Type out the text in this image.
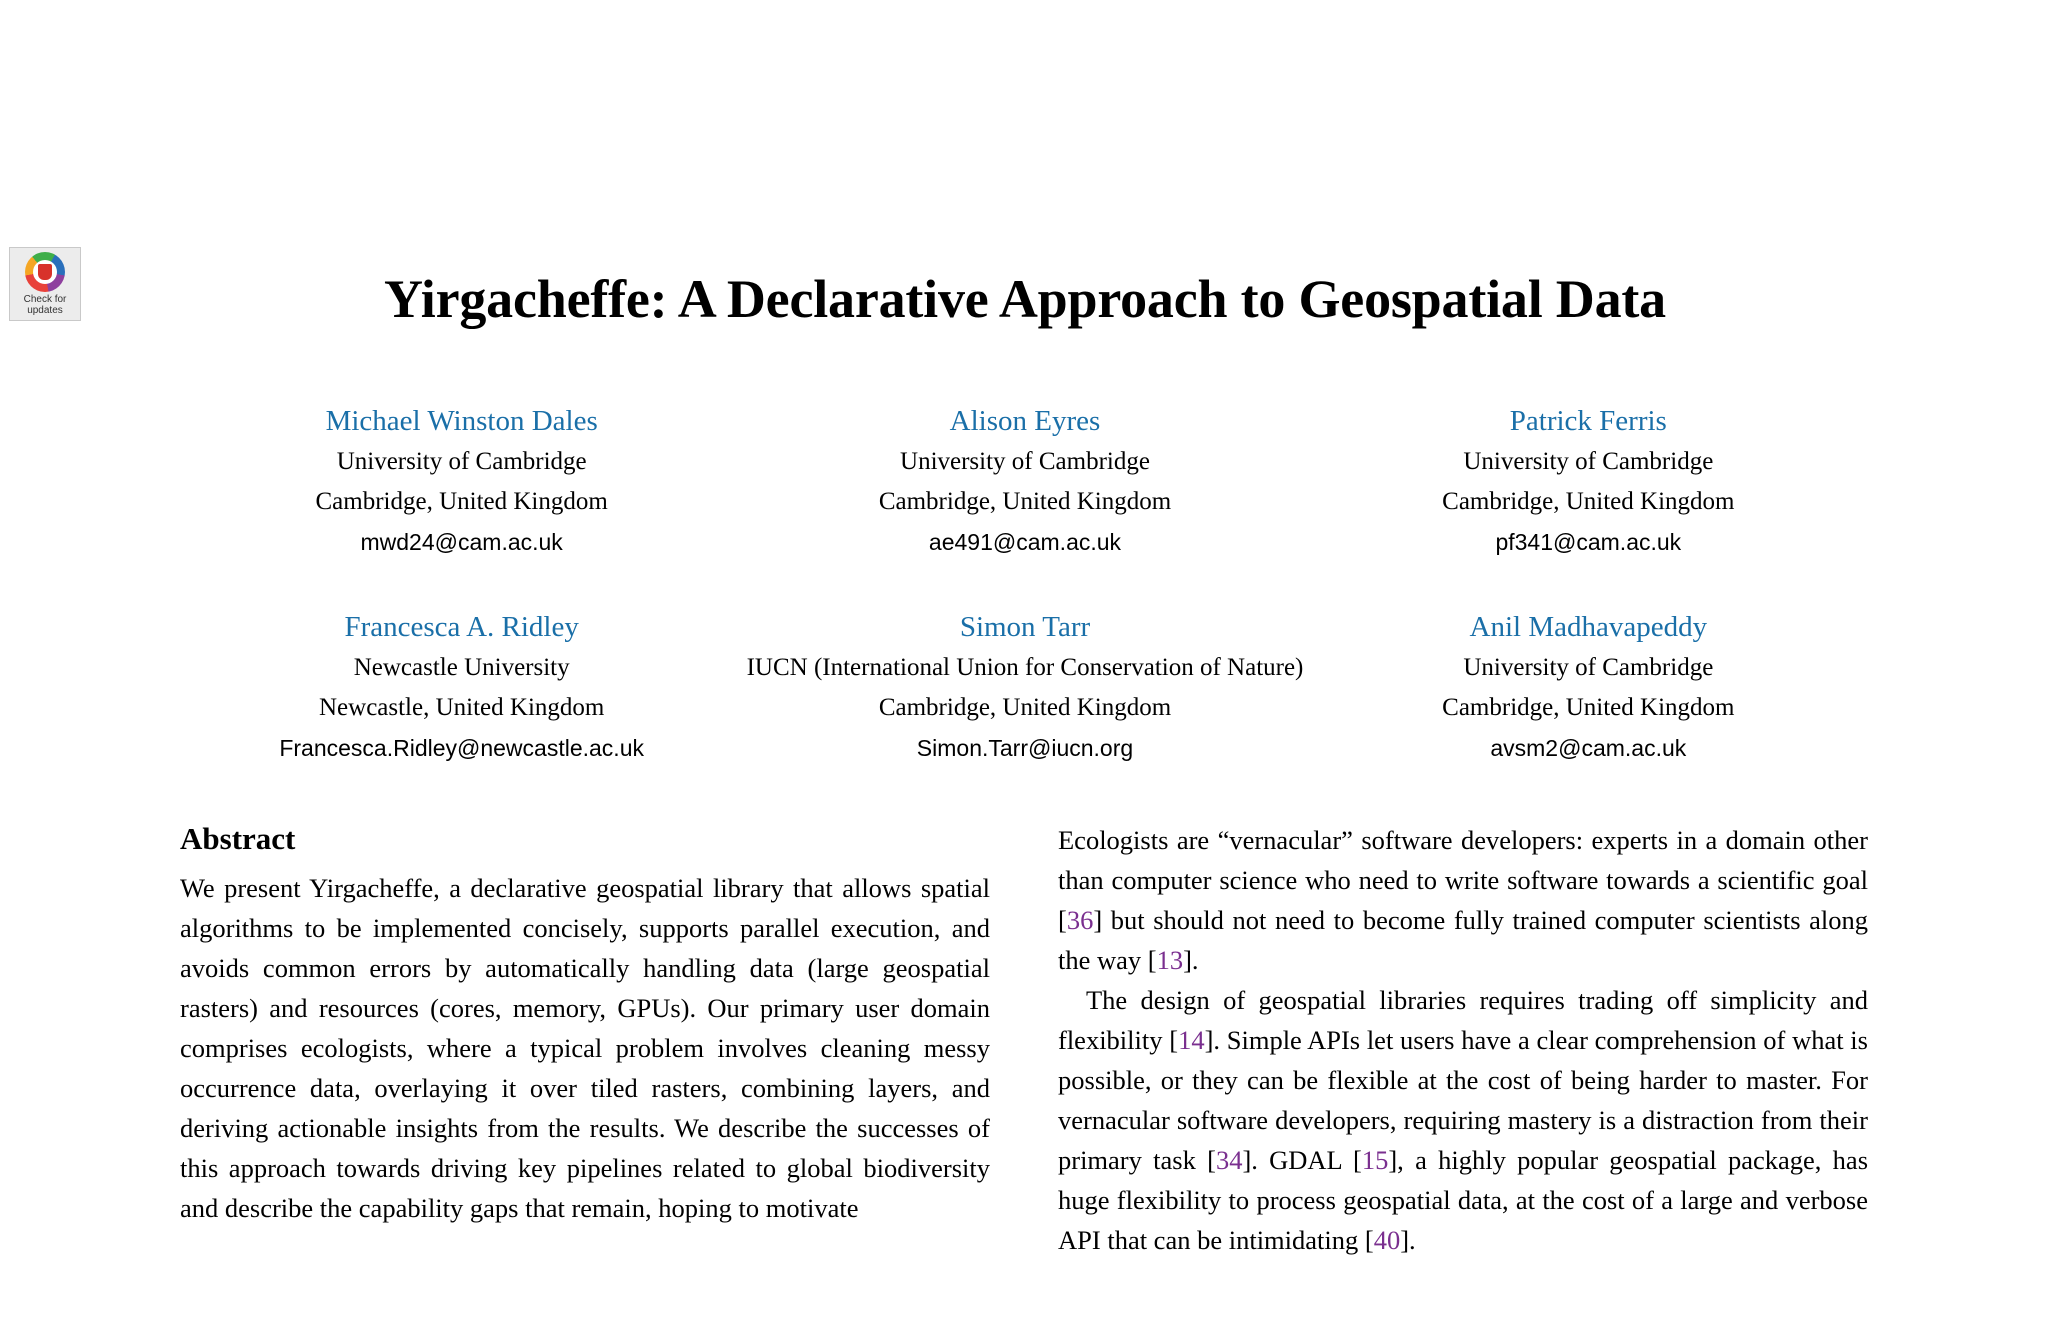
Check for
updates	Yirgacheffe: A Declarative Approach to Geospatial Data
Michael Winston Dales
University of Cambridge
Cambridge, United Kingdom
mwd24@cam.ac.uk
Alison Eyres
University of Cambridge
Cambridge, United Kingdom
ae491@cam.ac.uk
Patrick Ferris
University of Cambridge
Cambridge, United Kingdom
pf341@cam.ac.uk
Francesca A. Ridley
Newcastle University
Newcastle, United Kingdom
Francesca.Ridley@newcastle.ac.uk
Simon Tarr
IUCN (International Union for Conservation of Nature)
Cambridge, United Kingdom
Simon.Tarr@iucn.org
Anil Madhavapeddy
University of Cambridge
Cambridge, United Kingdom
avsm2@cam.ac.uk
Abstract

We present Yirgacheffe, a declarative geospatial library that allows spatial algorithms to be implemented concisely, supports parallel execution, and avoids common errors by automatically handling data (large geospatial rasters) and resources (cores, memory, GPUs). Our primary user domain comprises ecologists, where a typical problem involves cleaning messy occurrence data, overlaying it over tiled rasters, combining layers, and deriving actionable insights from the results. We describe the successes of this approach towards driving key pipelines related to global biodiversity and describe the capability gaps that remain, hoping to motivate

Ecologists are “vernacular” software developers: experts in a domain other than computer science who need to write software towards a scientific goal [36] but should not need to become fully trained computer scientists along the way [13].

The design of geospatial libraries requires trading off simplicity and flexibility [14]. Simple APIs let users have a clear comprehension of what is possible, or they can be flexible at the cost of being harder to master. For vernacular software developers, requiring mastery is a distraction from their primary task [34]. GDAL [15], a highly popular geospatial package, has huge flexibility to process geospatial data, at the cost of a large and verbose API that can be intimidating [40].
